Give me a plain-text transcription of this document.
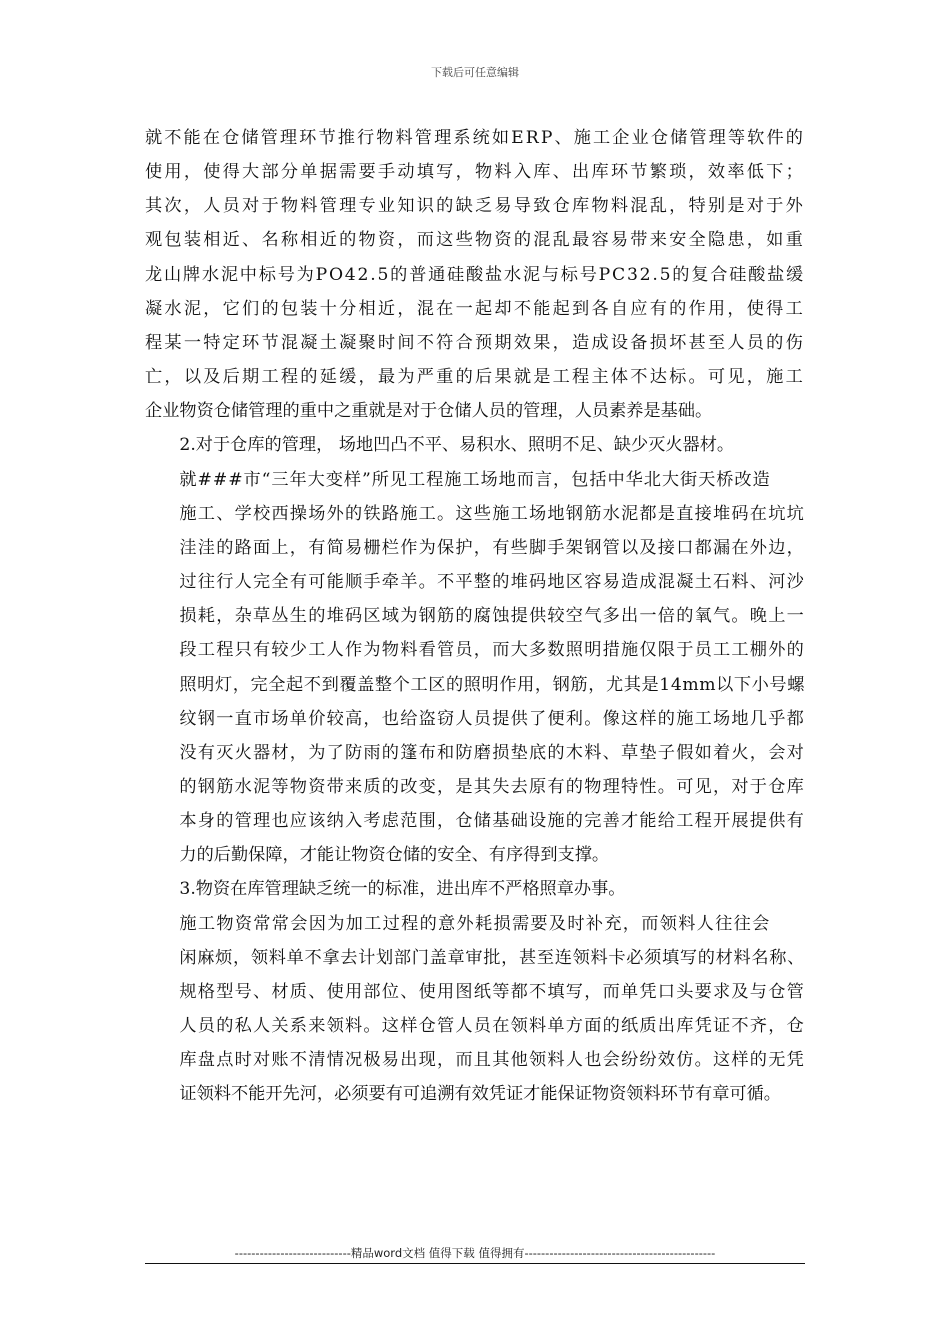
下载后可任意编辑

就不能在仓储管理环节推行物料管理系统如ERP、施工企业仓储管理等软件的
使用，使得大部分单据需要手动填写，物料入库、出库环节繁琐，效率低下；
其次，人员对于物料管理专业知识的缺乏易导致仓库物料混乱，特别是对于外
观包装相近、名称相近的物资，而这些物资的混乱最容易带来安全隐患，如重
龙山牌水泥中标号为PO42.5的普通硅酸盐水泥与标号PC32.5的复合硅酸盐缓
凝水泥，它们的包装十分相近，混在一起却不能起到各自应有的作用，使得工
程某一特定环节混凝土凝聚时间不符合预期效果，造成设备损坏甚至人员的伤
亡，以及后期工程的延缓，最为严重的后果就是工程主体不达标。可见，施工
企业物资仓储管理的重中之重就是对于仓储人员的管理，人员素养是基础。

2.对于仓库的管理， 场地凹凸不平、易积水、照明不足、缺少灭火器材。

就###市“三年大变样”所见工程施工场地而言，包括中华北大街天桥改造
施工、学校西操场外的铁路施工。这些施工场地钢筋水泥都是直接堆码在坑坑
洼洼的路面上，有简易栅栏作为保护，有些脚手架钢管以及接口都漏在外边，
过往行人完全有可能顺手牵羊。不平整的堆码地区容易造成混凝土石料、河沙
损耗，杂草丛生的堆码区域为钢筋的腐蚀提供较空气多出一倍的氧气。晚上一
段工程只有较少工人作为物料看管员，而大多数照明措施仅限于员工工棚外的
照明灯，完全起不到覆盖整个工区的照明作用，钢筋，尤其是14mm以下小号螺
纹钢一直市场单价较高，也给盗窃人员提供了便利。像这样的施工场地几乎都
没有灭火器材，为了防雨的篷布和防磨损垫底的木料、草垫子假如着火，会对
的钢筋水泥等物资带来质的改变，是其失去原有的物理特性。可见，对于仓库
本身的管理也应该纳入考虑范围，仓储基础设施的完善才能给工程开展提供有
力的后勤保障，才能让物资仓储的安全、有序得到支撑。

3.物资在库管理缺乏统一的标准，进出库不严格照章办事。

施工物资常常会因为加工过程的意外耗损需要及时补充，而领料人往往会
闲麻烦，领料单不拿去计划部门盖章审批，甚至连领料卡必须填写的材料名称、
规格型号、材质、使用部位、使用图纸等都不填写，而单凭口头要求及与仓管
人员的私人关系来领料。这样仓管人员在领料单方面的纸质出库凭证不齐，仓
库盘点时对账不清情况极易出现，而且其他领料人也会纷纷效仿。这样的无凭
证领料不能开先河，必须要有可追溯有效凭证才能保证物资领料环节有章可循。

----------------------------精品word文档 值得下载 值得拥有----------------------------------------------
